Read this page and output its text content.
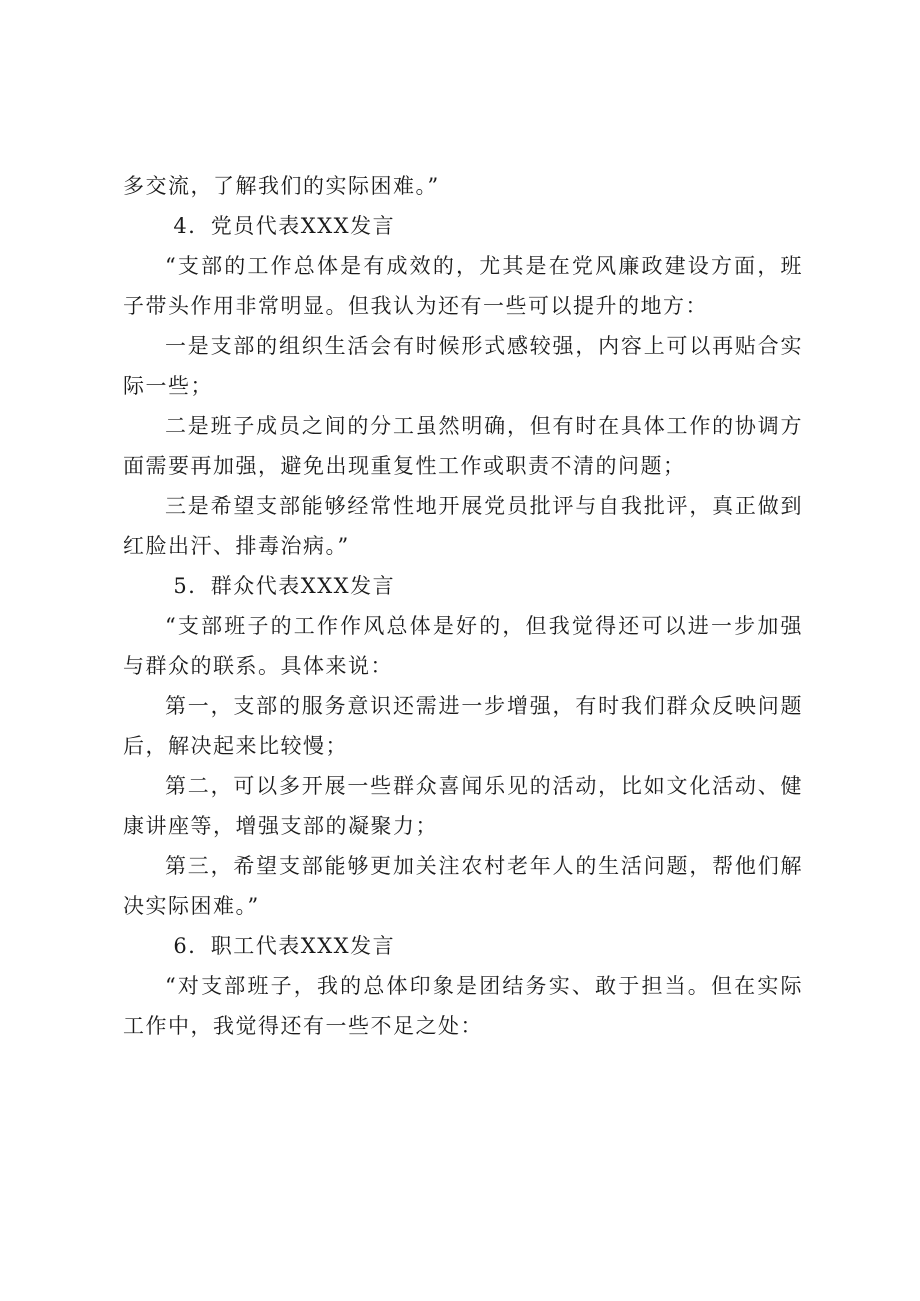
多交流，了解我们的实际困难。”

4．党员代表XXX发言

“支部的工作总体是有成效的，尤其是在党风廉政建设方面，班子带头作用非常明显。但我认为还有一些可以提升的地方：

一是支部的组织生活会有时候形式感较强，内容上可以再贴合实际一些；

二是班子成员之间的分工虽然明确，但有时在具体工作的协调方面需要再加强，避免出现重复性工作或职责不清的问题；

三是希望支部能够经常性地开展党员批评与自我批评，真正做到红脸出汗、排毒治病。”

5．群众代表XXX发言

“支部班子的工作作风总体是好的，但我觉得还可以进一步加强与群众的联系。具体来说：

第一，支部的服务意识还需进一步增强，有时我们群众反映问题后，解决起来比较慢；

第二，可以多开展一些群众喜闻乐见的活动，比如文化活动、健康讲座等，增强支部的凝聚力；

第三，希望支部能够更加关注农村老年人的生活问题，帮他们解决实际困难。”

6．职工代表XXX发言

“对支部班子，我的总体印象是团结务实、敢于担当。但在实际工作中，我觉得还有一些不足之处：
